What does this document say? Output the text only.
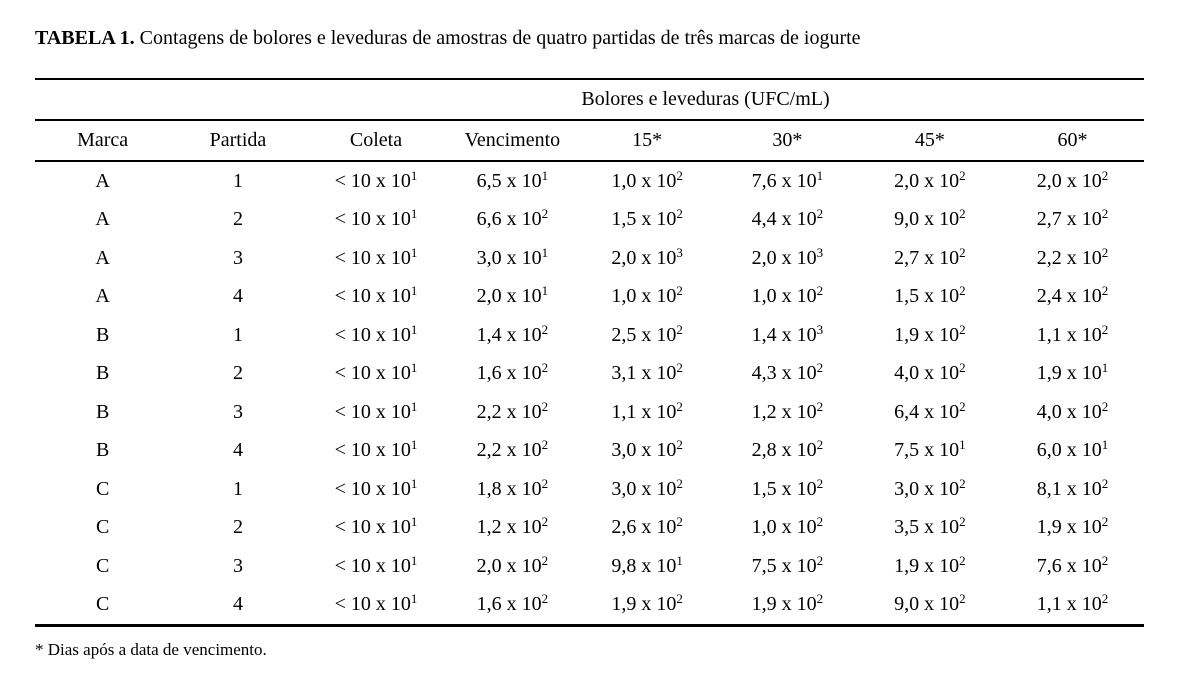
TABELA 1. Contagens de bolores e leveduras de amostras de quatro partidas de três marcas de iogurte

				Bolores e leveduras (UFC/mL)			
Marca	Partida	Coleta	Vencimento	15*	30*	45*	60*
A	1	< 10 x $10^1$	6,5 x $10^1$	1,0 x $10^2$	7,6 x $10^1$	2,0 x $10^2$	2,0 x $10^2$
A	2	< 10 x $10^1$	6,6 x $10^2$	1,5 x $10^2$	4,4 x $10^2$	9,0 x $10^2$	2,7 x $10^2$
A	3	< 10 x $10^1$	3,0 x $10^1$	2,0 x $10^3$	2,0 x $10^3$	2,7 x $10^2$	2,2 x $10^2$
A	4	< 10 x $10^1$	2,0 x $10^1$	1,0 x $10^2$	1,0 x $10^2$	1,5 x $10^2$	2,4 x $10^2$
B	1	< 10 x $10^1$	1,4 x $10^2$	2,5 x $10^2$	1,4 x $10^3$	1,9 x $10^2$	1,1 x $10^2$
B	2	< 10 x $10^1$	1,6 x $10^2$	3,1 x $10^2$	4,3 x $10^2$	4,0 x $10^2$	1,9 x $10^1$
B	3	< 10 x $10^1$	2,2 x $10^2$	1,1 x $10^2$	1,2 x $10^2$	6,4 x $10^2$	4,0 x $10^2$
B	4	< 10 x $10^1$	2,2 x $10^2$	3,0 x $10^2$	2,8 x $10^2$	7,5 x $10^1$	6,0 x $10^1$
C	1	< 10 x $10^1$	1,8 x $10^2$	3,0 x $10^2$	1,5 x $10^2$	3,0 x $10^2$	8,1 x $10^2$
C	2	< 10 x $10^1$	1,2 x $10^2$	2,6 x $10^2$	1,0 x $10^2$	3,5 x $10^2$	1,9 x $10^2$
C	3	< 10 x $10^1$	2,0 x $10^2$	9,8 x $10^1$	7,5 x $10^2$	1,9 x $10^2$	7,6 x $10^2$
C	4	< 10 x $10^1$	1,6 x $10^2$	1,9 x $10^2$	1,9 x $10^2$	9,0 x $10^2$	1,1 x $10^2$

* Dias após a data de vencimento.
